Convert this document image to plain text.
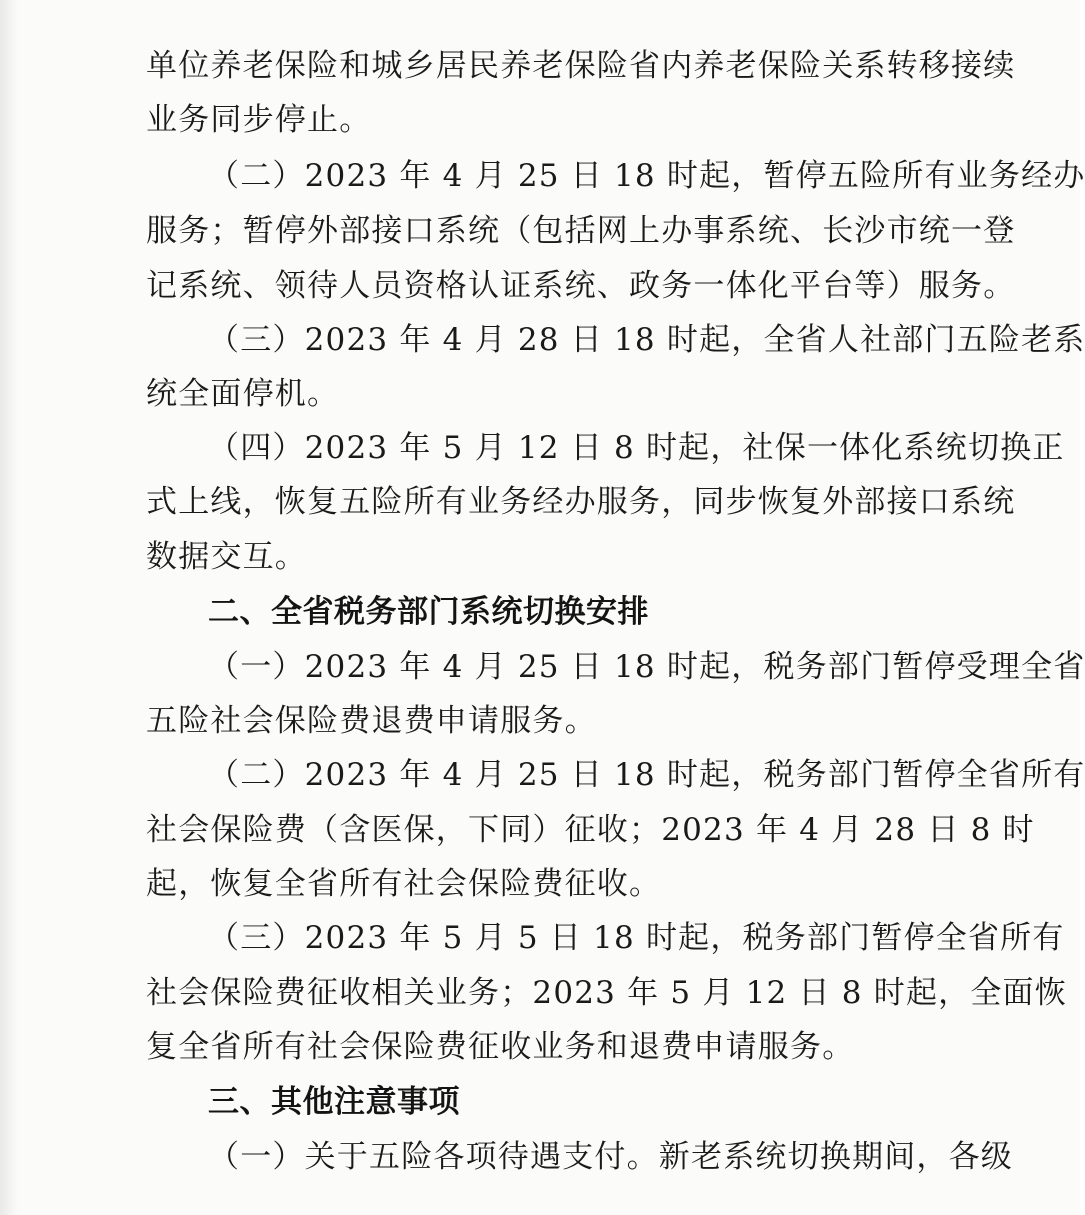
单位养老保险和城乡居民养老保险省内养老保险关系转移接续
业务同步停止。
（二）2023 年 4 月 25 日 18 时起，暂停五险所有业务经办
服务；暂停外部接口系统（包括网上办事系统、长沙市统一登
记系统、领待人员资格认证系统、政务一体化平台等）服务。
（三）2023 年 4 月 28 日 18 时起，全省人社部门五险老系
统全面停机。
（四）2023 年 5 月 12 日 8 时起，社保一体化系统切换正
式上线，恢复五险所有业务经办服务，同步恢复外部接口系统
数据交互。
二、全省税务部门系统切换安排
（一）2023 年 4 月 25 日 18 时起，税务部门暂停受理全省
五险社会保险费退费申请服务。
（二）2023 年 4 月 25 日 18 时起，税务部门暂停全省所有
社会保险费（含医保，下同）征收；2023 年 4 月 28 日 8 时
起，恢复全省所有社会保险费征收。
（三）2023 年 5 月 5 日 18 时起，税务部门暂停全省所有
社会保险费征收相关业务；2023 年 5 月 12 日 8 时起，全面恢
复全省所有社会保险费征收业务和退费申请服务。
三、其他注意事项
（一）关于五险各项待遇支付。新老系统切换期间，各级
